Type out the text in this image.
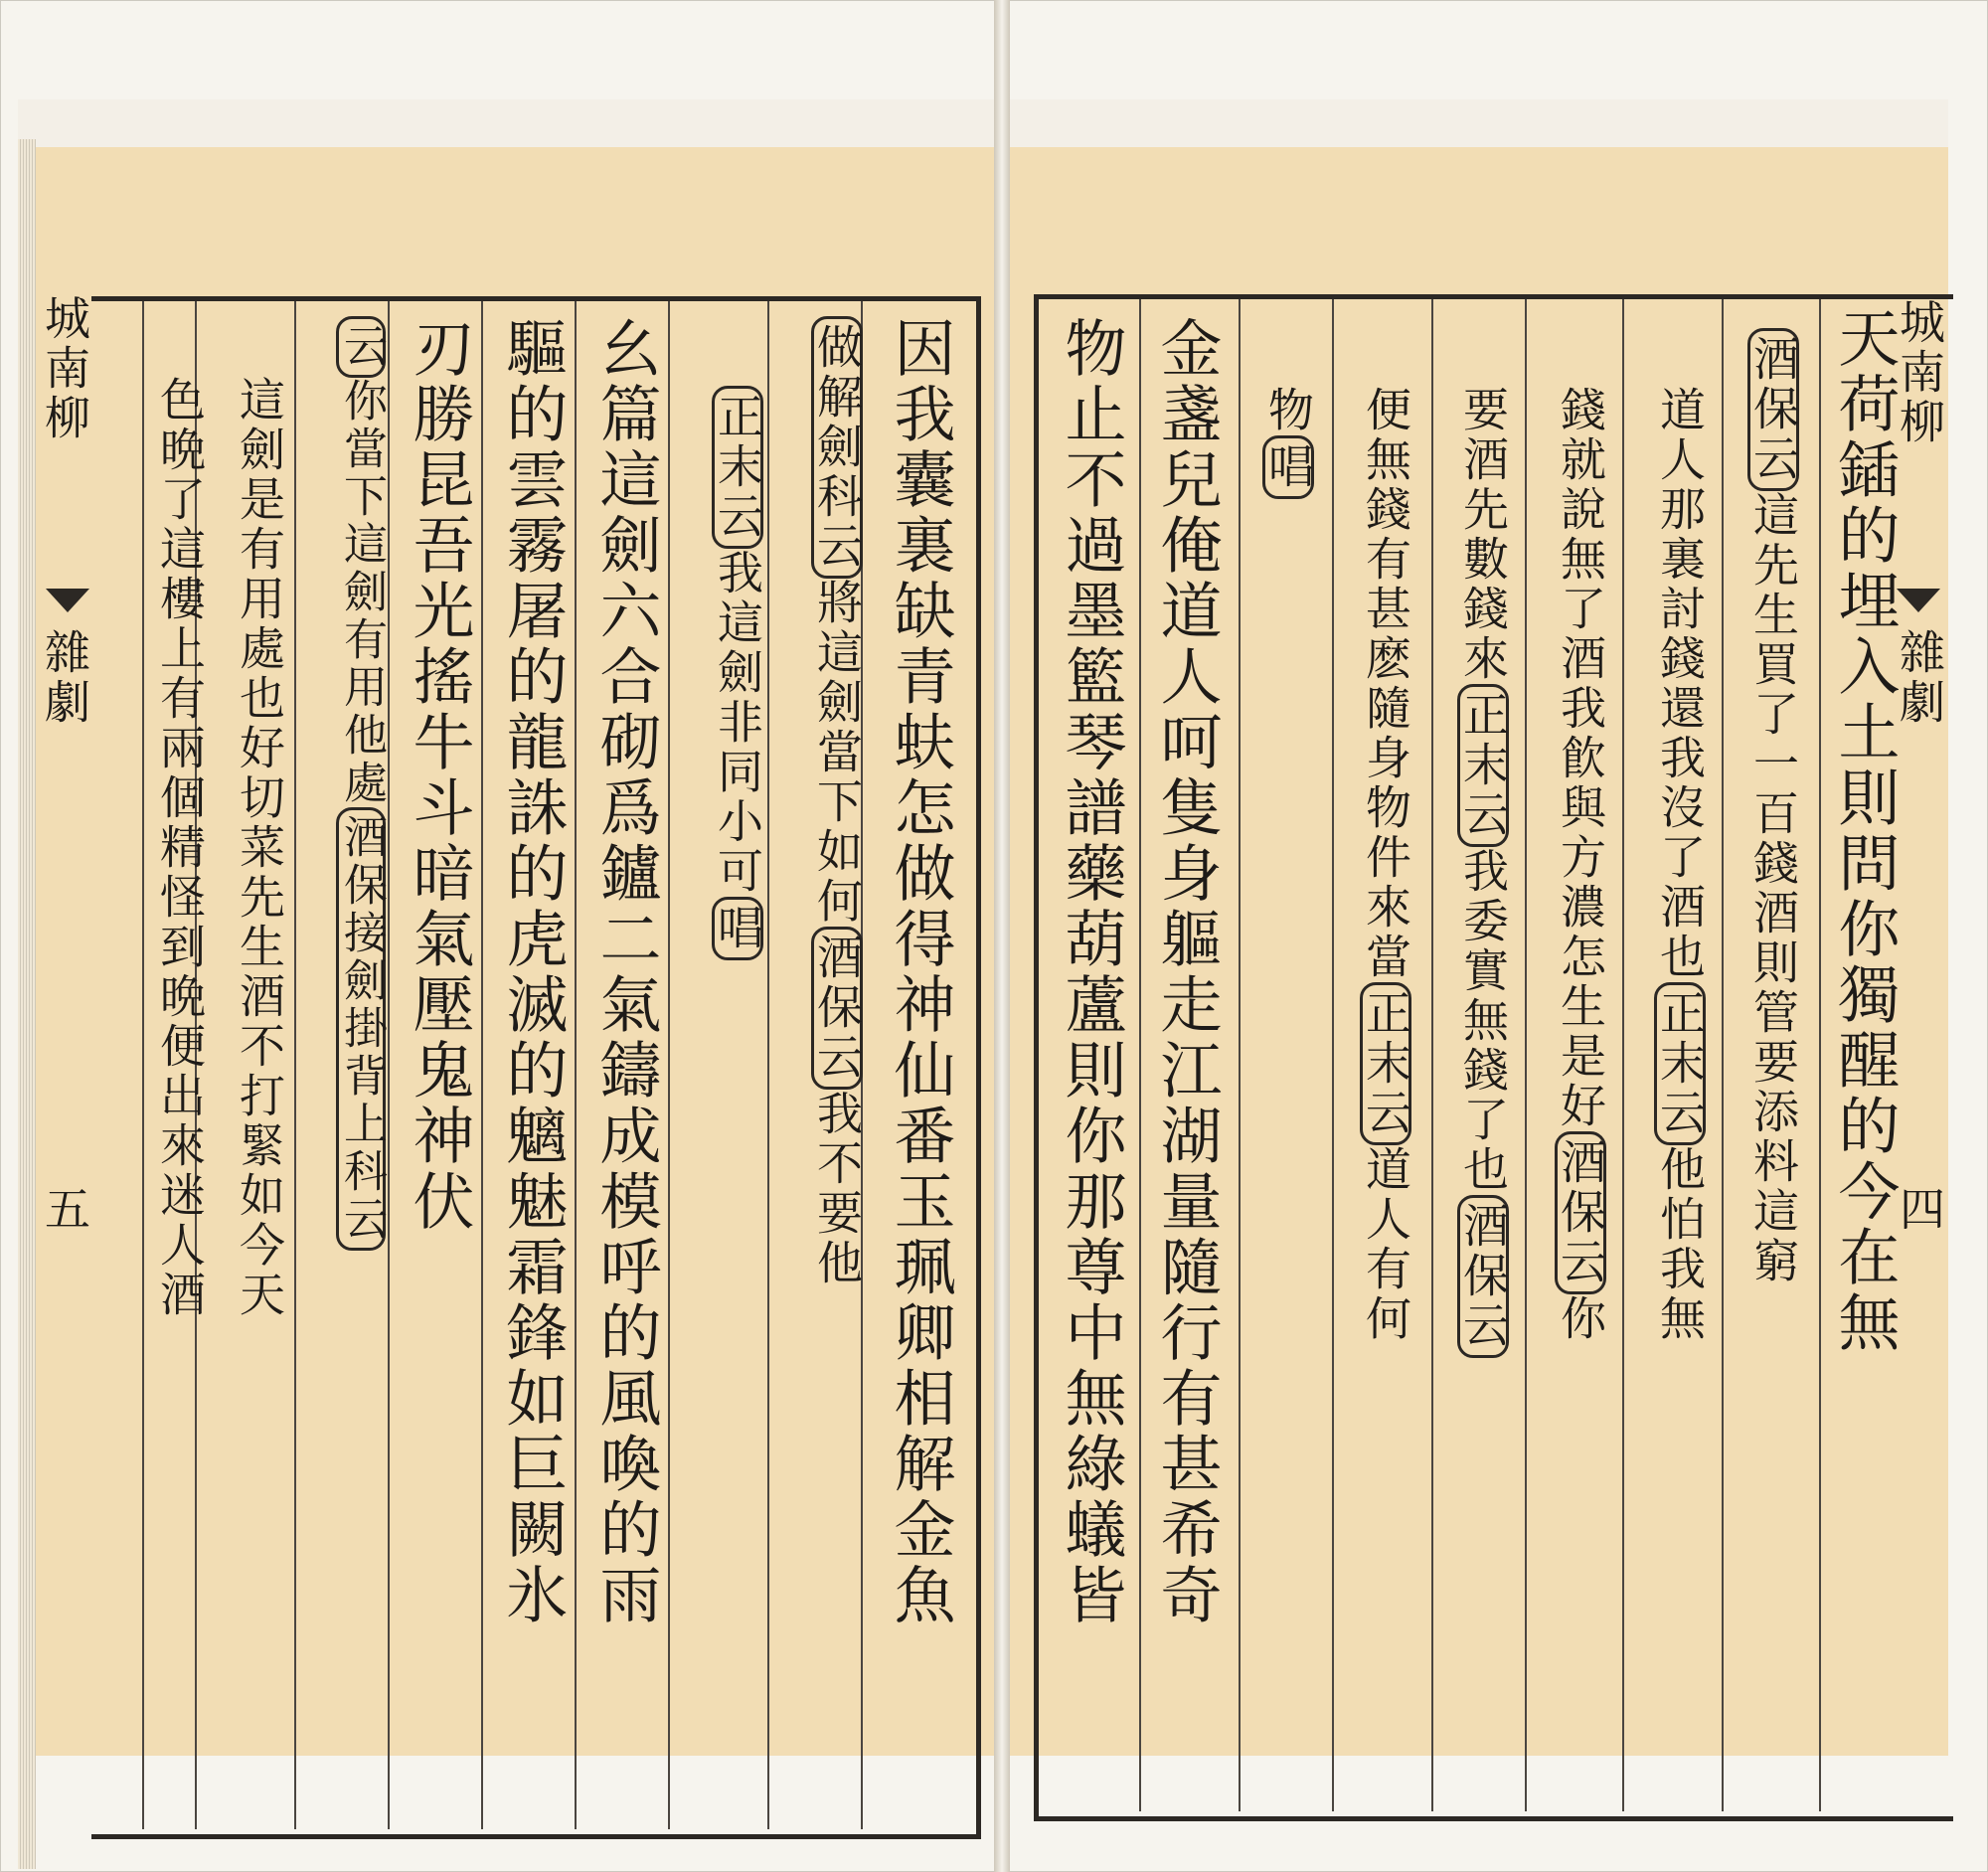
城南柳
雜劇
五	因我囊裏缺青蚨怎做得神仙番玉珮卿相解金魚
做解劍科云將這劍當下如何酒保云我不要他
正末云我這劍非同小可唱
幺篇這劍六合砌爲鑪二氣鑄成模呼的風喚的雨
驅的雲霧屠的龍誅的虎滅的魑魅霜鋒如巨闕氷
刃勝昆吾光搖牛斗暗氣壓鬼神伏
云你當下這劍有用他處酒保接劍掛背上科云
這劍是有用處也好切菜先生酒不打緊如今天
色晩了這樓上有兩個精怪到晩便出來迷人酒	天荷鍤的埋入土則問你獨醒的今在無
酒保云這先生買了一百錢酒則管要添料這窮
道人那裏討錢還我沒了酒也正末云他怕我無
錢就說無了酒我飮與方濃怎生是好酒保云你
要酒先數錢來正末云我委實無錢了也酒保云
便無錢有甚麽隨身物件來當正末云道人有何
物唱
金盞兒俺道人呵隻身軀走江湖量隨行有甚希奇
物止不過墨籃琴譜藥葫蘆則你那尊中無綠蟻皆	城南柳
雜劇
四
